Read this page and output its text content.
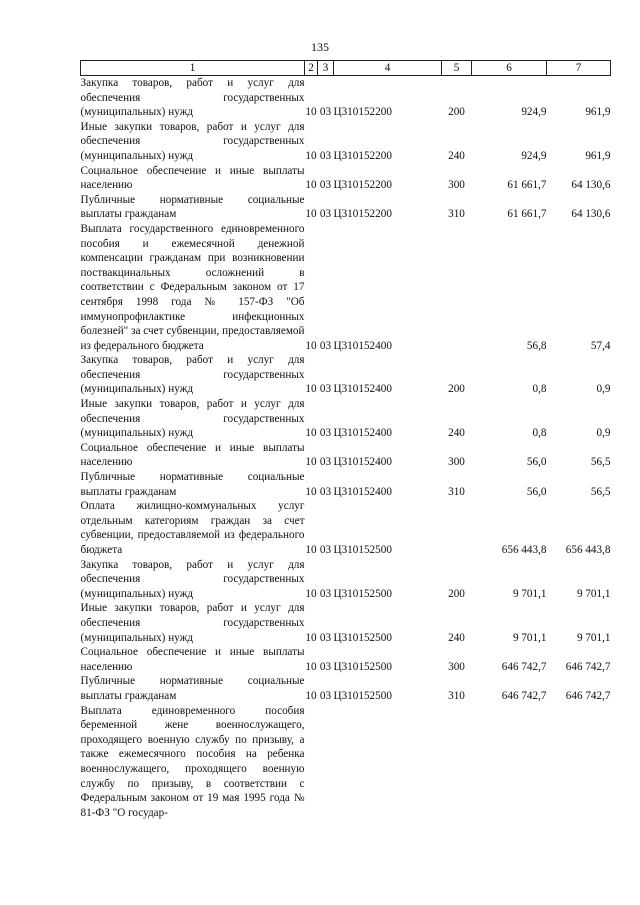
135
1	2	3	4	5	6	7
Закупка товаров, работ и услуг для обеспечения государственных (муниципальных) нужд	10	03	Ц310152200	200	924,9	961,9
Иные закупки товаров, работ и услуг для обеспечения государственных (муниципальных) нужд	10	03	Ц310152200	240	924,9	961,9
Социальное обеспечение и иные выплаты населению	10	03	Ц310152200	300	61 661,7	64 130,6
Публичные нормативные социальные выплаты гражданам	10	03	Ц310152200	310	61 661,7	64 130,6
Выплата государственного единовременного пособия и ежемесячной денежной компенсации гражданам при возникновении поствакцинальных осложнений в соответствии с Федеральным законом от 17 сентября 1998 года № 157-ФЗ "Об иммунопрофилактике инфекционных болезней" за счет субвенции, предоставляемой из федерального бюджета	10	03	Ц310152400		56,8	57,4
Закупка товаров, работ и услуг для обеспечения государственных (муниципальных) нужд	10	03	Ц310152400	200	0,8	0,9
Иные закупки товаров, работ и услуг для обеспечения государственных (муниципальных) нужд	10	03	Ц310152400	240	0,8	0,9
Социальное обеспечение и иные выплаты населению	10	03	Ц310152400	300	56,0	56,5
Публичные нормативные социальные выплаты гражданам	10	03	Ц310152400	310	56,0	56,5
Оплата жилищно-коммунальных услуг отдельным категориям граждан за счет субвенции, предоставляемой из федерального бюджета	10	03	Ц310152500		656 443,8	656 443,8
Закупка товаров, работ и услуг для обеспечения государственных (муниципальных) нужд	10	03	Ц310152500	200	9 701,1	9 701,1
Иные закупки товаров, работ и услуг для обеспечения государственных (муниципальных) нужд	10	03	Ц310152500	240	9 701,1	9 701,1
Социальное обеспечение и иные выплаты населению	10	03	Ц310152500	300	646 742,7	646 742,7
Публичные нормативные социальные выплаты гражданам	10	03	Ц310152500	310	646 742,7	646 742,7
Выплата единовременного пособия беременной жене военнослужащего, проходящего военную службу по призыву, а также ежемесячного пособия на ребенка военнослужащего, проходящего военную службу по призыву, в соответствии с Федеральным законом от 19 мая 1995 года № 81-ФЗ "О государ-						
